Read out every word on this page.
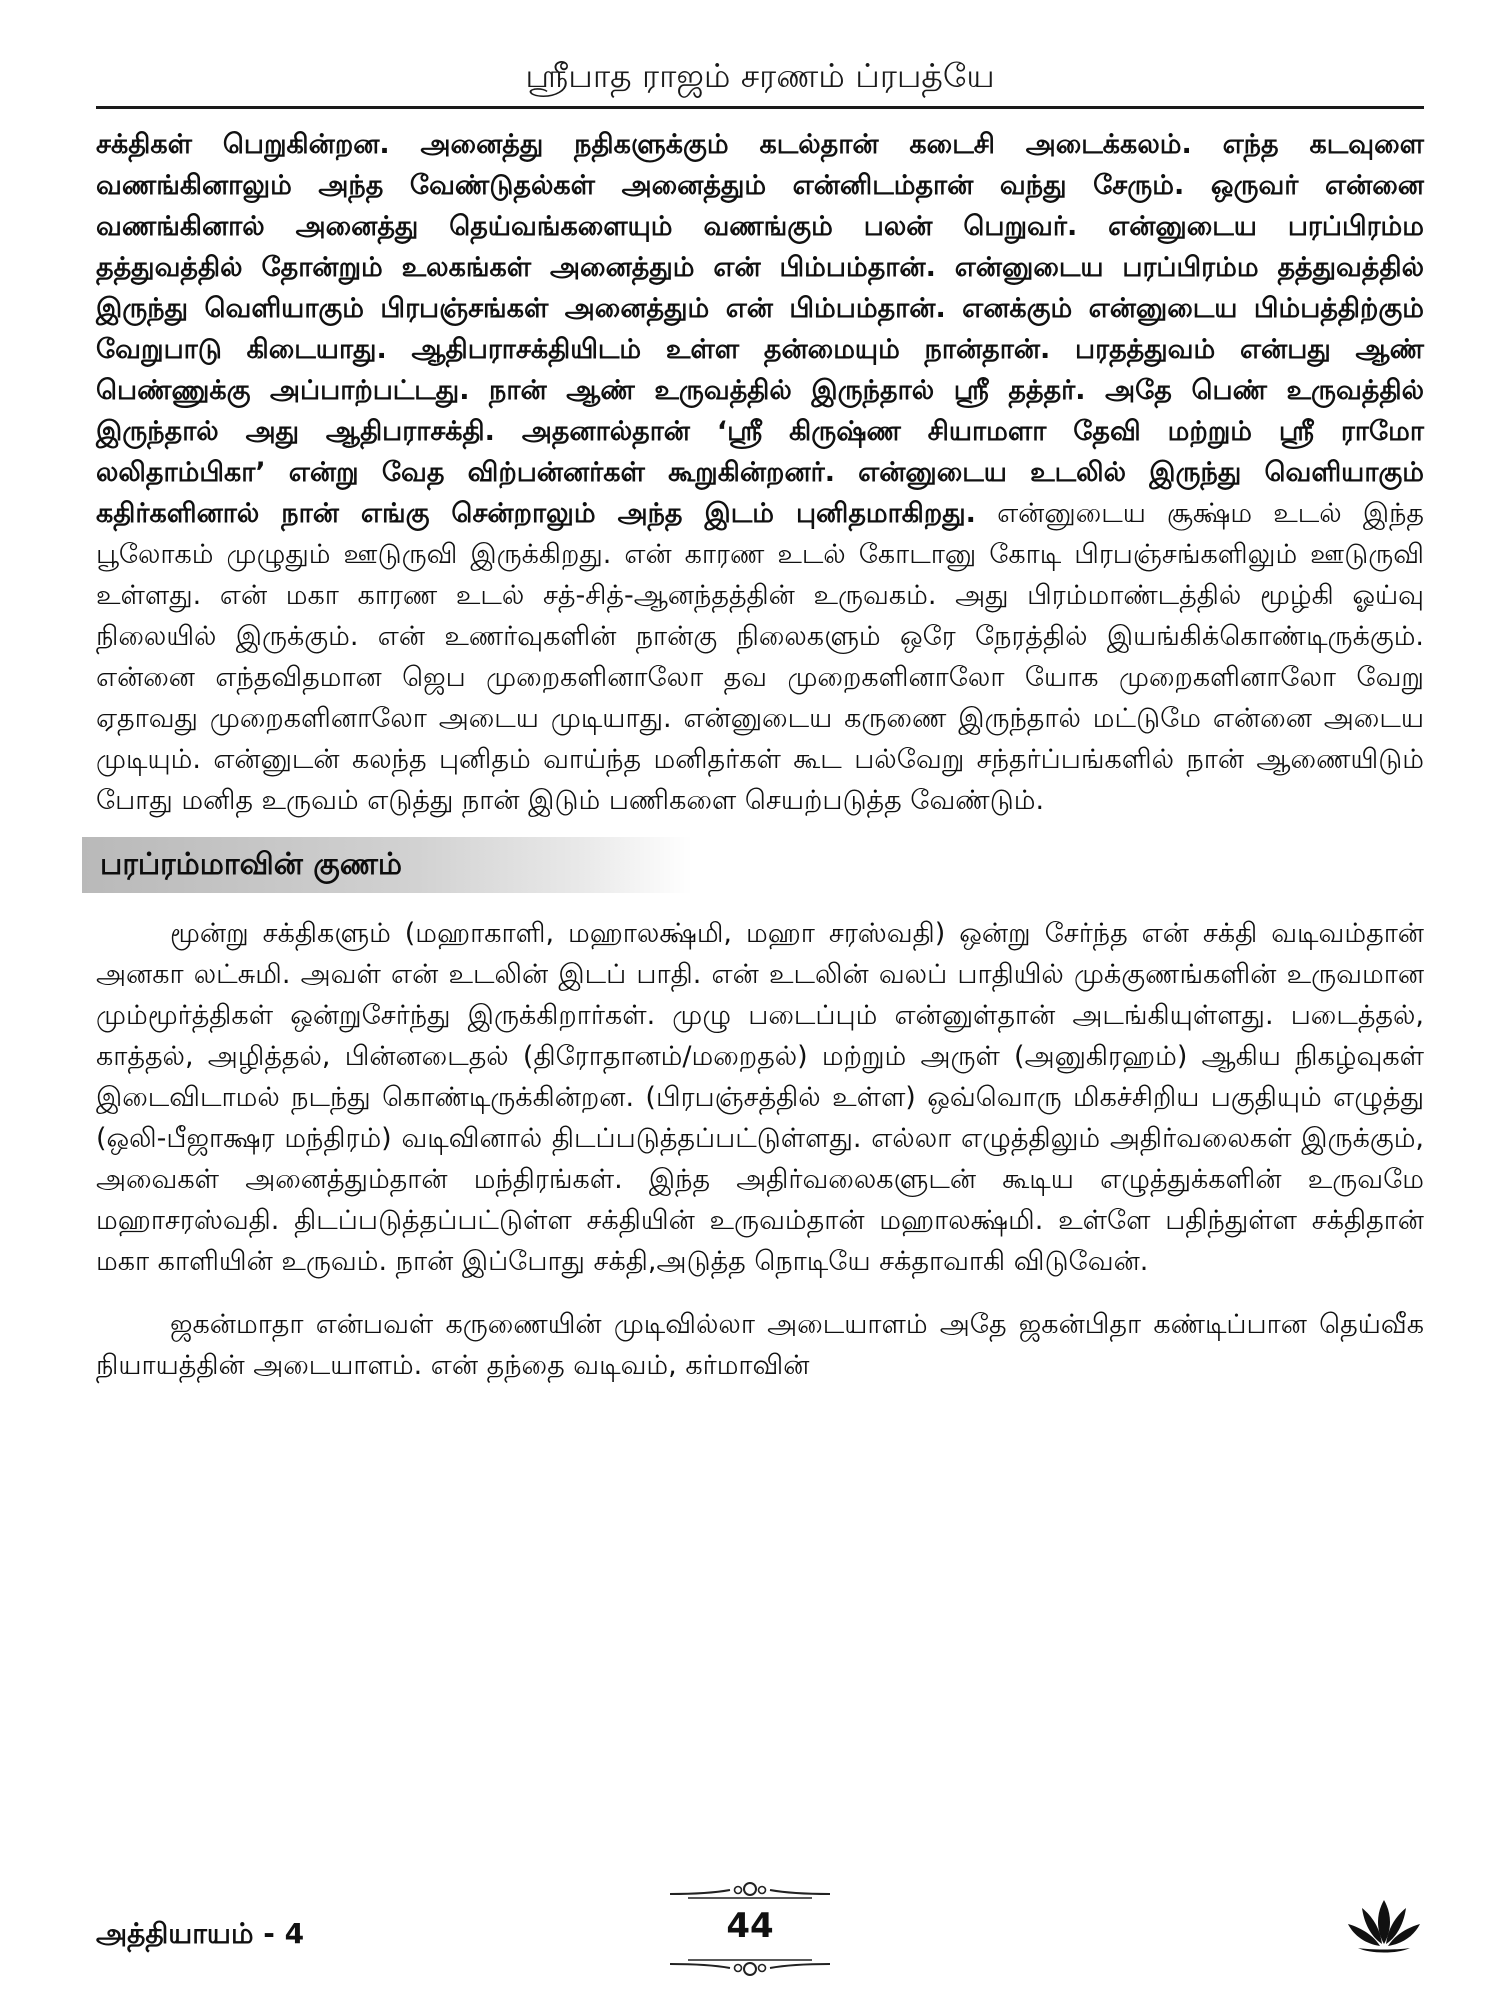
ஸ்ரீபாத ராஜம் சரணம் ப்ரபத்யே

சக்திகள் பெறுகின்றன. அனைத்து நதிகளுக்கும் கடல்தான் கடைசி அடைக்கலம். எந்த கடவுளை வணங்கினாலும் அந்த வேண்டுதல்கள் அனைத்தும் என்னிடம்தான் வந்து சேரும். ஒருவர் என்னை வணங்கினால் அனைத்து தெய்வங்களையும் வணங்கும் பலன் பெறுவர். என்னுடைய பரப்பிரம்ம தத்துவத்தில் தோன்றும் உலகங்கள் அனைத்தும் என் பிம்பம்தான். என்னுடைய பரப்பிரம்ம தத்துவத்தில் இருந்து வெளியாகும் பிரபஞ்சங்கள் அனைத்தும் என் பிம்பம்தான். எனக்கும் என்னுடைய பிம்பத்திற்கும் வேறுபாடு கிடையாது. ஆதிபராசக்தியிடம் உள்ள தன்மையும் நான்தான். பரதத்துவம் என்பது ஆண் பெண்ணுக்கு அப்பாற்பட்டது. நான் ஆண் உருவத்தில் இருந்தால் ஸ்ரீ தத்தர். அதே பெண் உருவத்தில் இருந்தால் அது ஆதிபராசக்தி. அதனால்தான் ‘ஸ்ரீ கிருஷ்ண சியாமளா தேவி மற்றும் ஸ்ரீ ராமோ லலிதாம்பிகா’ என்று வேத விற்பன்னர்கள் கூறுகின்றனர். என்னுடைய உடலில் இருந்து வெளியாகும் கதிர்களினால் நான் எங்கு சென்றாலும் அந்த இடம் புனிதமாகிறது. என்னுடைய சூக்ஷ்ம உடல் இந்த பூலோகம் முழுதும் ஊடுருவி இருக்கிறது. என் காரண உடல் கோடானு கோடி பிரபஞ்சங்களிலும் ஊடுருவி உள்ளது. என் மகா காரண உடல் சத்-சித்-ஆனந்தத்தின் உருவகம். அது பிரம்மாண்டத்தில் மூழ்கி ஓய்வு நிலையில் இருக்கும். என் உணர்வுகளின் நான்கு நிலைகளும் ஒரே நேரத்தில் இயங்கிக்கொண்டிருக்கும். என்னை எந்தவிதமான ஜெப முறைகளினாலோ தவ முறைகளினாலோ யோக முறைகளினாலோ வேறு ஏதாவது முறைகளினாலோ அடைய முடியாது. என்னுடைய கருணை இருந்தால் மட்டுமே என்னை அடைய முடியும். என்னுடன் கலந்த புனிதம் வாய்ந்த மனிதர்கள் கூட பல்வேறு சந்தர்ப்பங்களில் நான் ஆணையிடும் போது மனித உருவம் எடுத்து நான் இடும் பணிகளை செயற்படுத்த வேண்டும்.

பரப்ரம்மாவின் குணம்

மூன்று சக்திகளும் (மஹாகாளி, மஹாலக்ஷ்மி, மஹா சரஸ்வதி) ஒன்று சேர்ந்த என் சக்தி வடிவம்தான் அனகா லட்சுமி. அவள் என் உடலின் இடப் பாதி. என் உடலின் வலப் பாதியில் முக்குணங்களின் உருவமான மும்மூர்த்திகள் ஒன்றுசேர்ந்து இருக்கிறார்கள். முழு படைப்பும் என்னுள்தான் அடங்கியுள்ளது. படைத்தல், காத்தல், அழித்தல், பின்னடைதல் (திரோதானம்/மறைதல்) மற்றும் அருள் (அனுகிரஹம்) ஆகிய நிகழ்வுகள் இடைவிடாமல் நடந்து கொண்டிருக்கின்றன. (பிரபஞ்சத்தில் உள்ள) ஒவ்வொரு மிகச்சிறிய பகுதியும் எழுத்து (ஒலி-பீஜாக்ஷர மந்திரம்) வடிவினால் திடப்படுத்தப்பட்டுள்ளது. எல்லா எழுத்திலும் அதிர்வலைகள் இருக்கும், அவைகள் அனைத்தும்தான் மந்திரங்கள். இந்த அதிர்வலைகளுடன் கூடிய எழுத்துக்களின் உருவமே மஹாசரஸ்வதி. திடப்படுத்தப்பட்டுள்ள சக்தியின் உருவம்தான் மஹாலக்ஷ்மி. உள்ளே பதிந்துள்ள சக்திதான் மகா காளியின் உருவம். நான் இப்போது சக்தி,அடுத்த நொடியே சக்தாவாகி விடுவேன்.

ஜகன்மாதா என்பவள் கருணையின் முடிவில்லா அடையாளம் அதே ஜகன்பிதா கண்டிப்பான தெய்வீக நியாயத்தின் அடையாளம். என் தந்தை வடிவம், கர்மாவின்

அத்தியாயம் - 4	44
